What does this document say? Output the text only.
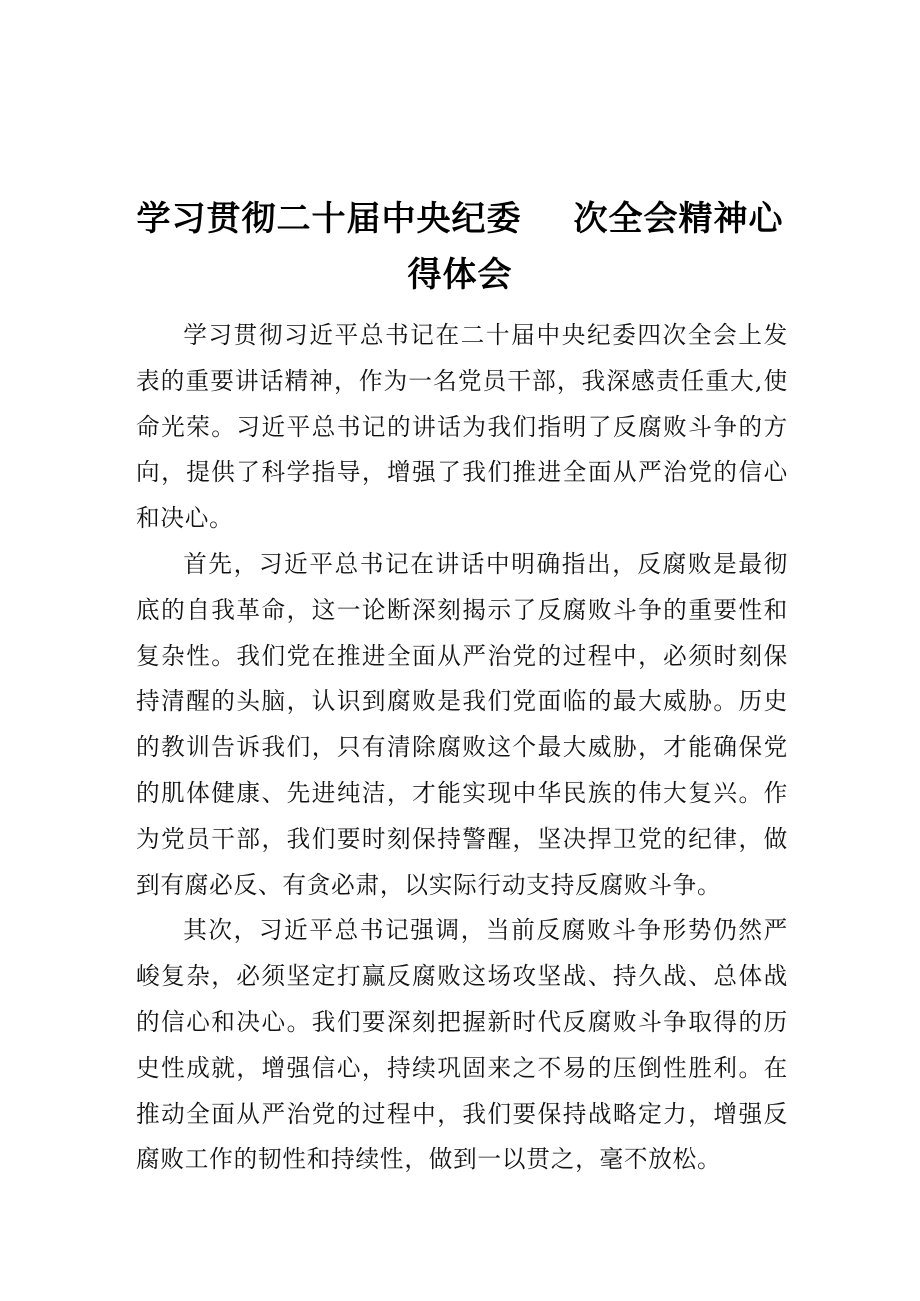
学习贯彻二十届中央纪委 次全会精神心得体会

学习贯彻习近平总书记在二十届中央纪委四次全会上发表的重要讲话精神，作为一名党员干部，我深感责任重大,使命光荣。习近平总书记的讲话为我们指明了反腐败斗争的方向，提供了科学指导，增强了我们推进全面从严治党的信心和决心。

首先，习近平总书记在讲话中明确指出，反腐败是最彻底的自我革命，这一论断深刻揭示了反腐败斗争的重要性和复杂性。我们党在推进全面从严治党的过程中，必须时刻保持清醒的头脑，认识到腐败是我们党面临的最大威胁。历史的教训告诉我们，只有清除腐败这个最大威胁，才能确保党的肌体健康、先进纯洁，才能实现中华民族的伟大复兴。作为党员干部，我们要时刻保持警醒，坚决捍卫党的纪律，做到有腐必反、有贪必肃，以实际行动支持反腐败斗争。

其次，习近平总书记强调，当前反腐败斗争形势仍然严峻复杂，必须坚定打赢反腐败这场攻坚战、持久战、总体战的信心和决心。我们要深刻把握新时代反腐败斗争取得的历史性成就，增强信心，持续巩固来之不易的压倒性胜利。在推动全面从严治党的过程中，我们要保持战略定力，增强反腐败工作的韧性和持续性，做到一以贯之，毫不放松。
